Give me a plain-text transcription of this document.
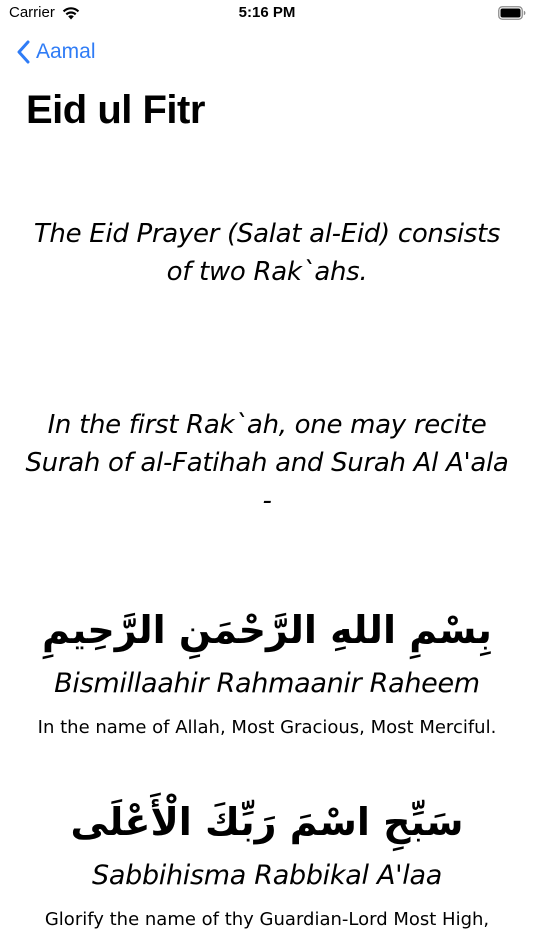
Carrier	5:16 PM
Aamal
Eid ul Fitr
The Eid Prayer (Salat al-Eid) consists of two Rak`ahs.
In the first Rak`ah, one may recite Surah of al-Fatihah and Surah Al A'ala -
بِسْمِ اللهِ الرَّحْمَنِ الرَّحِيمِ
Bismillaahir Rahmaanir Raheem
In the name of Allah, Most Gracious, Most Merciful.
سَبِّحِ اسْمَ رَبِّكَ الْأَعْلَى
Sabbihisma Rabbikal A'laa
Glorify the name of thy Guardian-Lord Most High,
